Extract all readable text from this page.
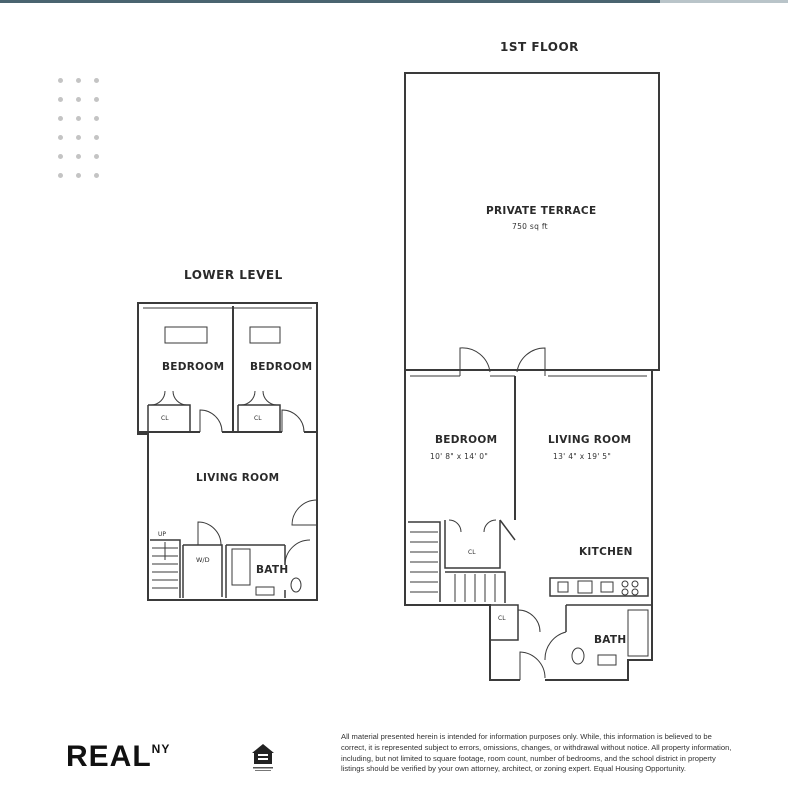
LOWER LEVEL
BEDROOM BEDROOM
CL	CL
LIVING ROOM
UP
W/D
BATH
1ST FLOOR
PRIVATE TERRACE
750 sq ft
BEDROOM
10' 8" x 14' 0"
LIVING ROOM
13' 4" x 19' 5"
CL	KITCHEN
CL
BATH
$REAL^{NY}$
All material presented herein is intended for information purposes only. While, this information is believed to be correct, it is represented subject to errors, omissions, changes, or withdrawal without notice. All property information, including, but not limited to square footage, room count, number of bedrooms, and the school district in property listings should be verified by your own attorney, architect, or zoning expert. Equal Housing Opportunity.
